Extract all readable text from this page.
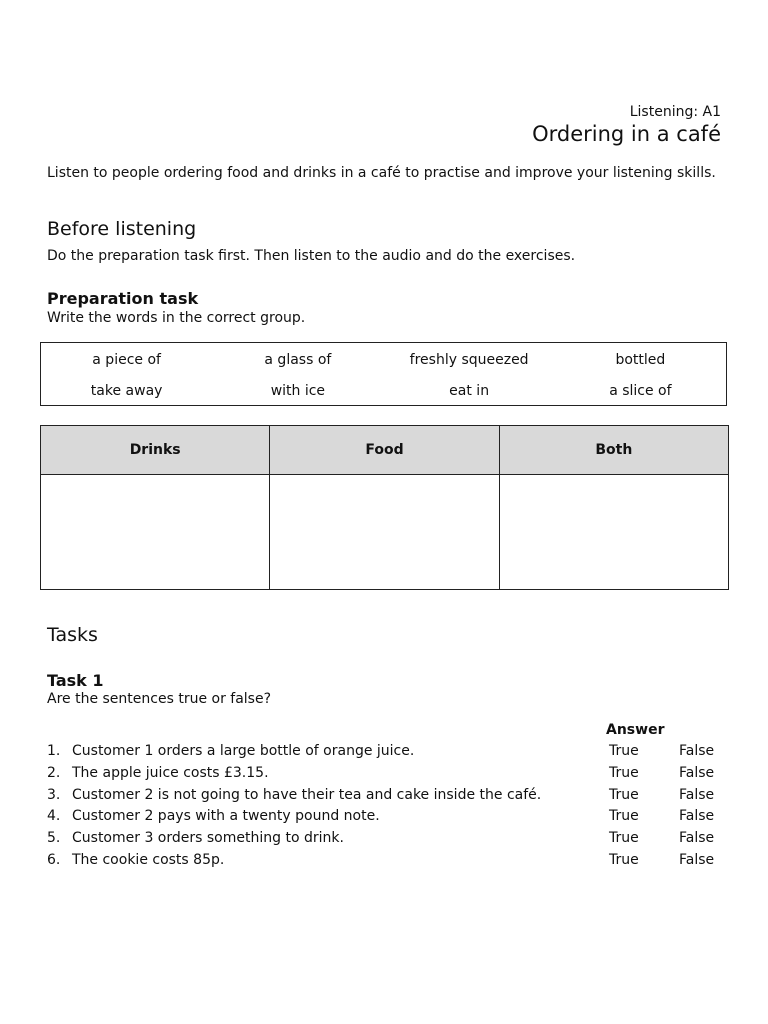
Listening: A1
Ordering in a café
Listen to people ordering food and drinks in a café to practise and improve your listening skills.
Before listening
Do the preparation task first. Then listen to the audio and do the exercises.
Preparation task
Write the words in the correct group.
a piece of	a glass of	freshly squeezed	bottled
take away	with ice	eat in	a slice of
Drinks	Food	Both

Tasks
Task 1
Are the sentences true or false?
Answer
1. Customer 1 orders a large bottle of orange juice.	True	False
2. The apple juice costs £3.15.	True	False
3. Customer 2 is not going to have their tea and cake inside the café.	True	False
4. Customer 2 pays with a twenty pound note.	True	False
5. Customer 3 orders something to drink.	True	False
6. The cookie costs 85p.	True	False
